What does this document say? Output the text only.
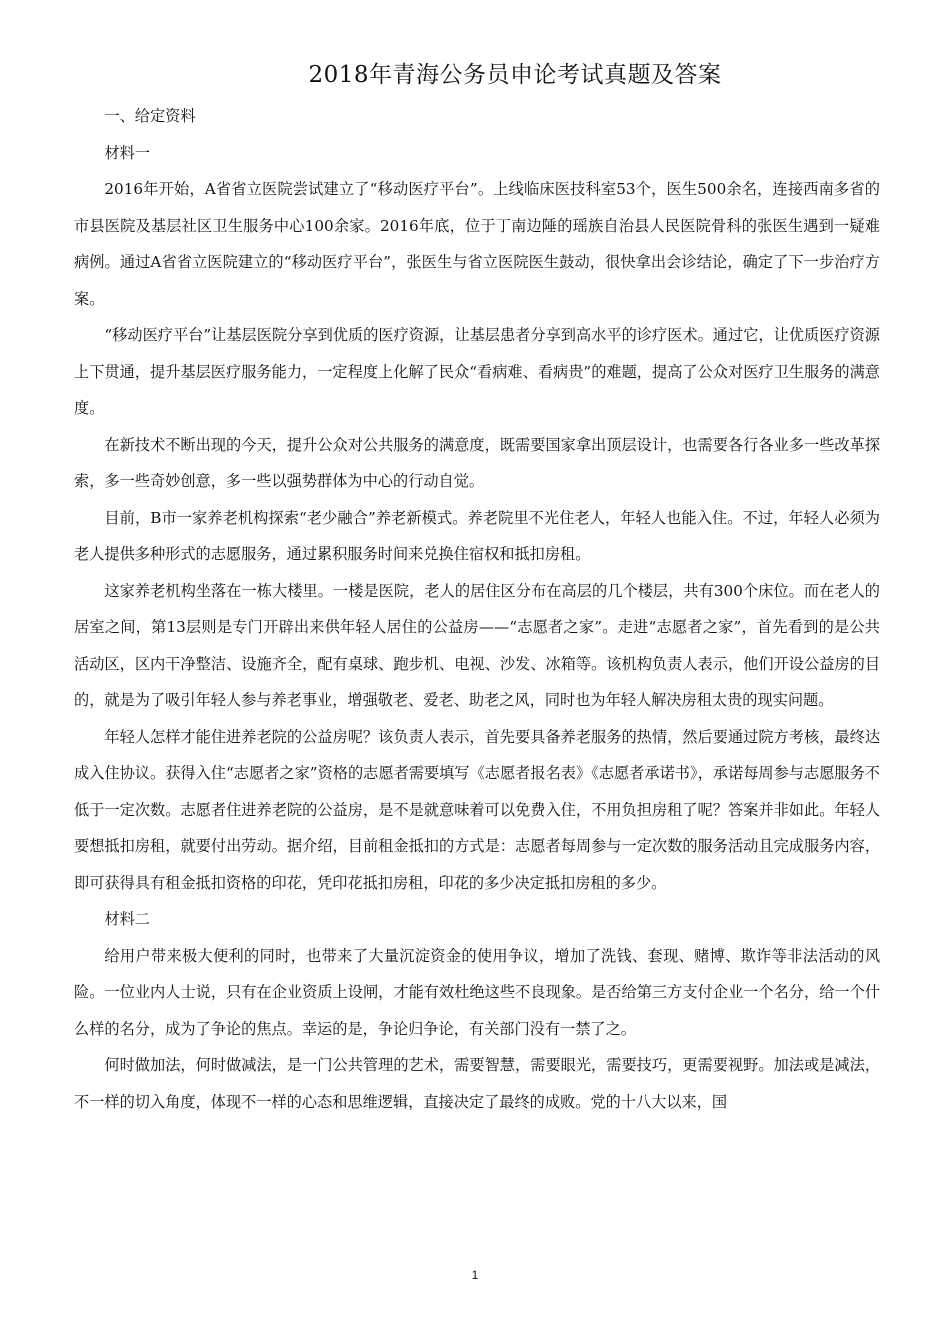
2018年青海公务员申论考试真题及答案

一、给定资料

材料一

2016年开始，A省省立医院尝试建立了“移动医疗平台”。上线临床医技科室53个，医生500余名，连接西南多省的市县医院及基层社区卫生服务中心100余家。2016年底，位于丁南边陲的瑶族自治县人民医院骨科的张医生遇到一疑难病例。通过A省省立医院建立的“移动医疗平台”，张医生与省立医院医生鼓动，很快拿出会诊结论，确定了下一步治疗方案。

“移动医疗平台”让基层医院分享到优质的医疗资源，让基层患者分享到高水平的诊疗医术。通过它，让优质医疗资源上下贯通，提升基层医疗服务能力，一定程度上化解了民众“看病难、看病贵”的难题，提高了公众对医疗卫生服务的满意度。

在新技术不断出现的今天，提升公众对公共服务的满意度，既需要国家拿出顶层设计，也需要各行各业多一些改革探索，多一些奇妙创意，多一些以强势群体为中心的行动自觉。

目前，B市一家养老机构探索“老少融合”养老新模式。养老院里不光住老人，年轻人也能入住。不过，年轻人必须为老人提供多种形式的志愿服务，通过累积服务时间来兑换住宿权和抵扣房租。

这家养老机构坐落在一栋大楼里。一楼是医院，老人的居住区分布在高层的几个楼层，共有300个床位。而在老人的居室之间，第13层则是专门开辟出来供年轻人居住的公益房——“志愿者之家”。走进“志愿者之家”，首先看到的是公共活动区，区内干净整洁、设施齐全，配有桌球、跑步机、电视、沙发、冰箱等。该机构负责人表示，他们开设公益房的目的，就是为了吸引年轻人参与养老事业，增强敬老、爱老、助老之风，同时也为年轻人解决房租太贵的现实问题。

年轻人怎样才能住进养老院的公益房呢？该负责人表示，首先要具备养老服务的热情，然后要通过院方考核，最终达成入住协议。获得入住“志愿者之家”资格的志愿者需要填写《志愿者报名表》《志愿者承诺书》，承诺每周参与志愿服务不低于一定次数。志愿者住进养老院的公益房，是不是就意味着可以免费入住，不用负担房租了呢？答案并非如此。年轻人要想抵扣房租，就要付出劳动。据介绍，目前租金抵扣的方式是：志愿者每周参与一定次数的服务活动且完成服务内容，即可获得具有租金抵扣资格的印花，凭印花抵扣房租，印花的多少决定抵扣房租的多少。

材料二

给用户带来极大便利的同时，也带来了大量沉淀资金的使用争议，增加了洗钱、套现、赌博、欺诈等非法活动的风险。一位业内人士说，只有在企业资质上设闸，才能有效杜绝这些不良现象。是否给第三方支付企业一个名分，给一个什么样的名分，成为了争论的焦点。幸运的是，争论归争论，有关部门没有一禁了之。

何时做加法，何时做减法，是一门公共管理的艺术，需要智慧，需要眼光，需要技巧，更需要视野。加法或是减法，不一样的切入角度，体现不一样的心态和思维逻辑，直接决定了最终的成败。党的十八大以来，国

1
